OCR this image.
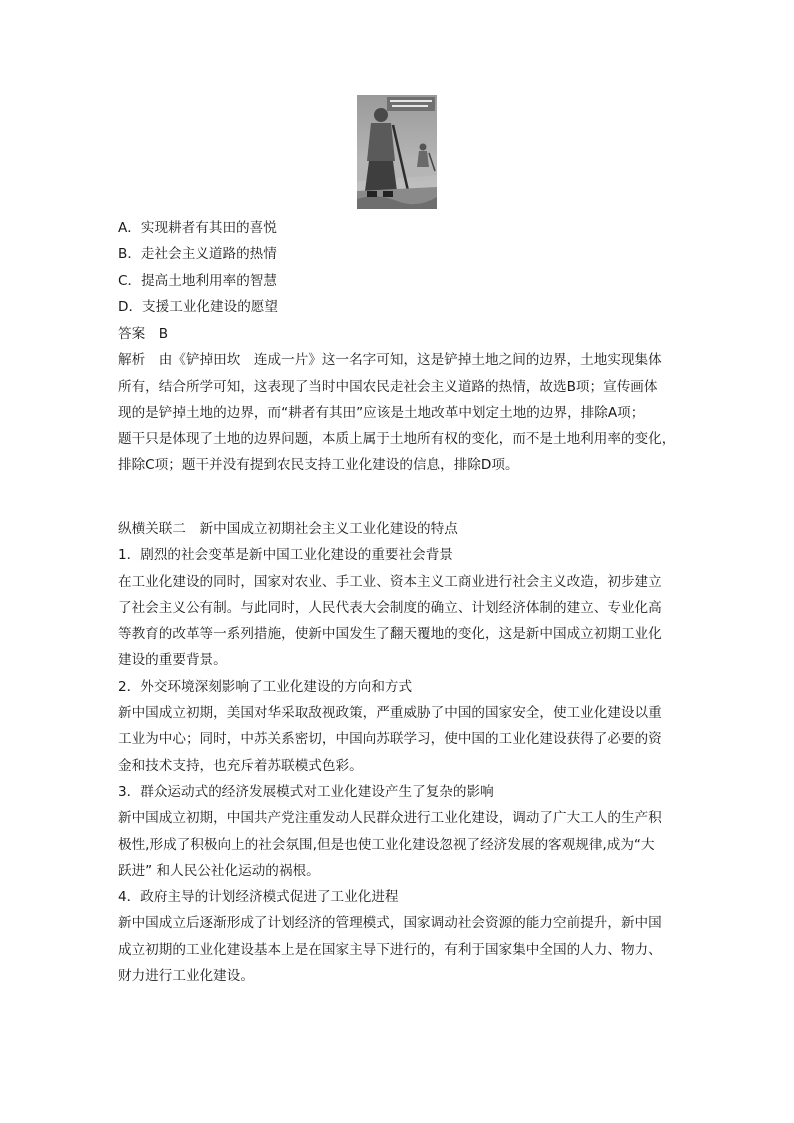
A．实现耕者有其田的喜悦
B．走社会主义道路的热情
C．提高土地利用率的智慧
D．支援工业化建设的愿望
答案　B
解析　由《铲掉田坎　连成一片》这一名字可知，这是铲掉土地之间的边界，土地实现集体
所有，结合所学可知，这表现了当时中国农民走社会主义道路的热情，故选B项；宣传画体
现的是铲掉土地的边界，而“耕者有其田”应该是土地改革中划定土地的边界，排除A项；
题干只是体现了土地的边界问题，本质上属于土地所有权的变化，而不是土地利用率的变化，
排除C项；题干并没有提到农民支持工业化建设的信息，排除D项。
纵横关联二　新中国成立初期社会主义工业化建设的特点
1．剧烈的社会变革是新中国工业化建设的重要社会背景
在工业化建设的同时，国家对农业、手工业、资本主义工商业进行社会主义改造，初步建立
了社会主义公有制。与此同时，人民代表大会制度的确立、计划经济体制的建立、专业化高
等教育的改革等一系列措施，使新中国发生了翻天覆地的变化，这是新中国成立初期工业化
建设的重要背景。
2．外交环境深刻影响了工业化建设的方向和方式
新中国成立初期，美国对华采取敌视政策，严重威胁了中国的国家安全，使工业化建设以重
工业为中心；同时，中苏关系密切，中国向苏联学习，使中国的工业化建设获得了必要的资
金和技术支持，也充斥着苏联模式色彩。
3．群众运动式的经济发展模式对工业化建设产生了复杂的影响
新中国成立初期，中国共产党注重发动人民群众进行工业化建设，调动了广大工人的生产积
极性,形成了积极向上的社会氛围,但是也使工业化建设忽视了经济发展的客观规律,成为“大
跃进” 和人民公社化运动的祸根。
4．政府主导的计划经济模式促进了工业化进程
新中国成立后逐渐形成了计划经济的管理模式，国家调动社会资源的能力空前提升，新中国
成立初期的工业化建设基本上是在国家主导下进行的，有利于国家集中全国的人力、物力、
财力进行工业化建设。
